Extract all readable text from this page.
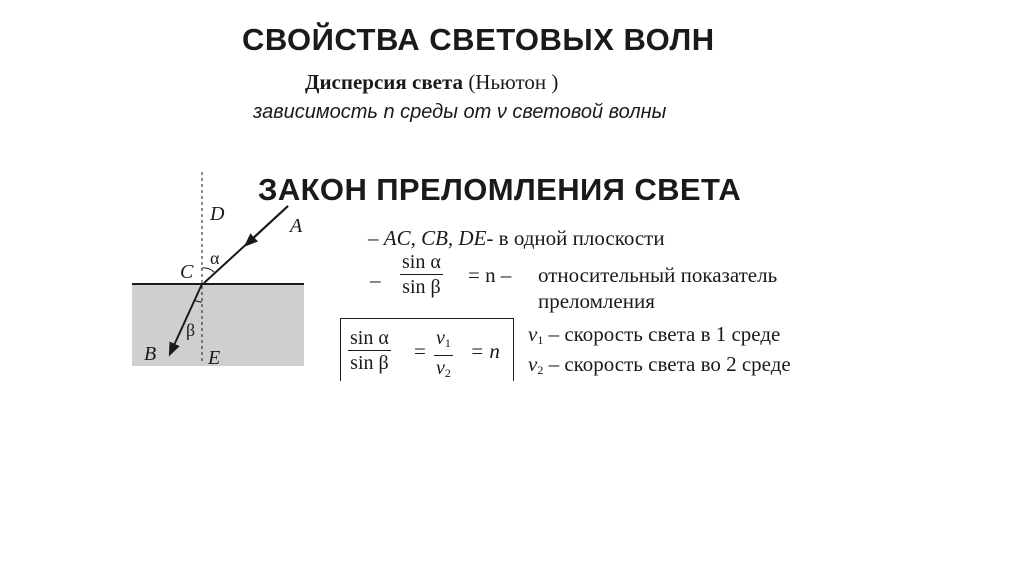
СВОЙСТВА СВЕТОВЫХ ВОЛН
Дисперсия света (Ньютон )
зависимость n среды от ν световой волны
ЗАКОН ПРЕЛОМЛЕНИЯ СВЕТА
D
A
α
C
β
B	E
– AC, CB, DE- в одной плоскости
– $\frac{\text{sin α}}{\text{sin β}} = n$ – относительный показатель
преломления
$\frac{\text{sin α}}{\text{sin β}} = \frac{v_1}{v_2} = n$
$v_1$ – скорость света в 1 среде
$v_2$ – скорость света во 2 среде
